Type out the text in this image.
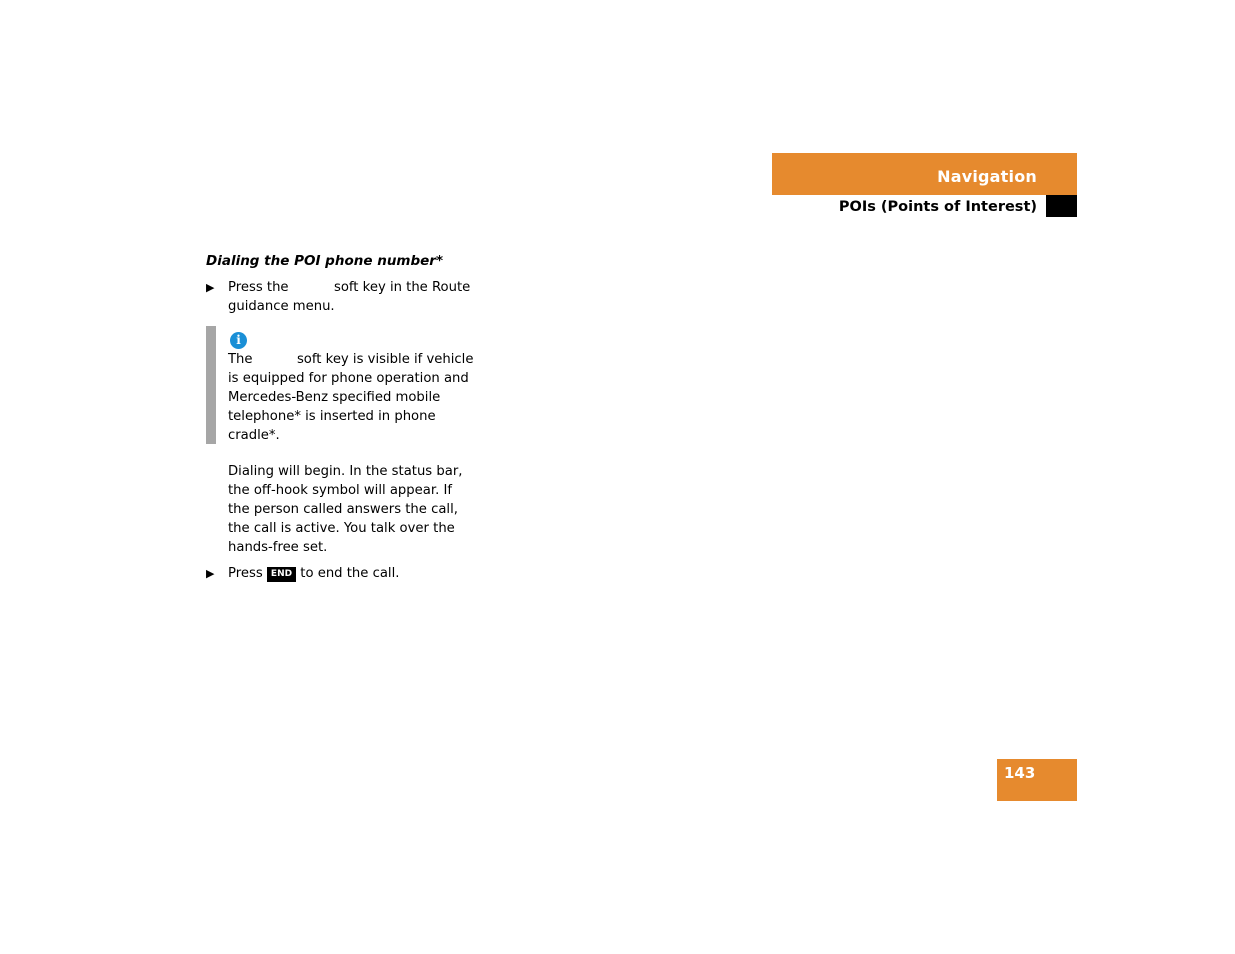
Navigation
POIs (Points of Interest)
Dialing the POI phone number*
▶ Press the	soft key in the Route guidance menu.
i
The	soft key is visible if vehicle is equipped for phone operation and Mercedes-Benz specified mobile telephone* is inserted in phone cradle*.
Dialing will begin. In the status bar, the off-hook symbol will appear. If the person called answers the call, the call is active. You talk over the hands-free set.
▶ Press END to end the call.
143
